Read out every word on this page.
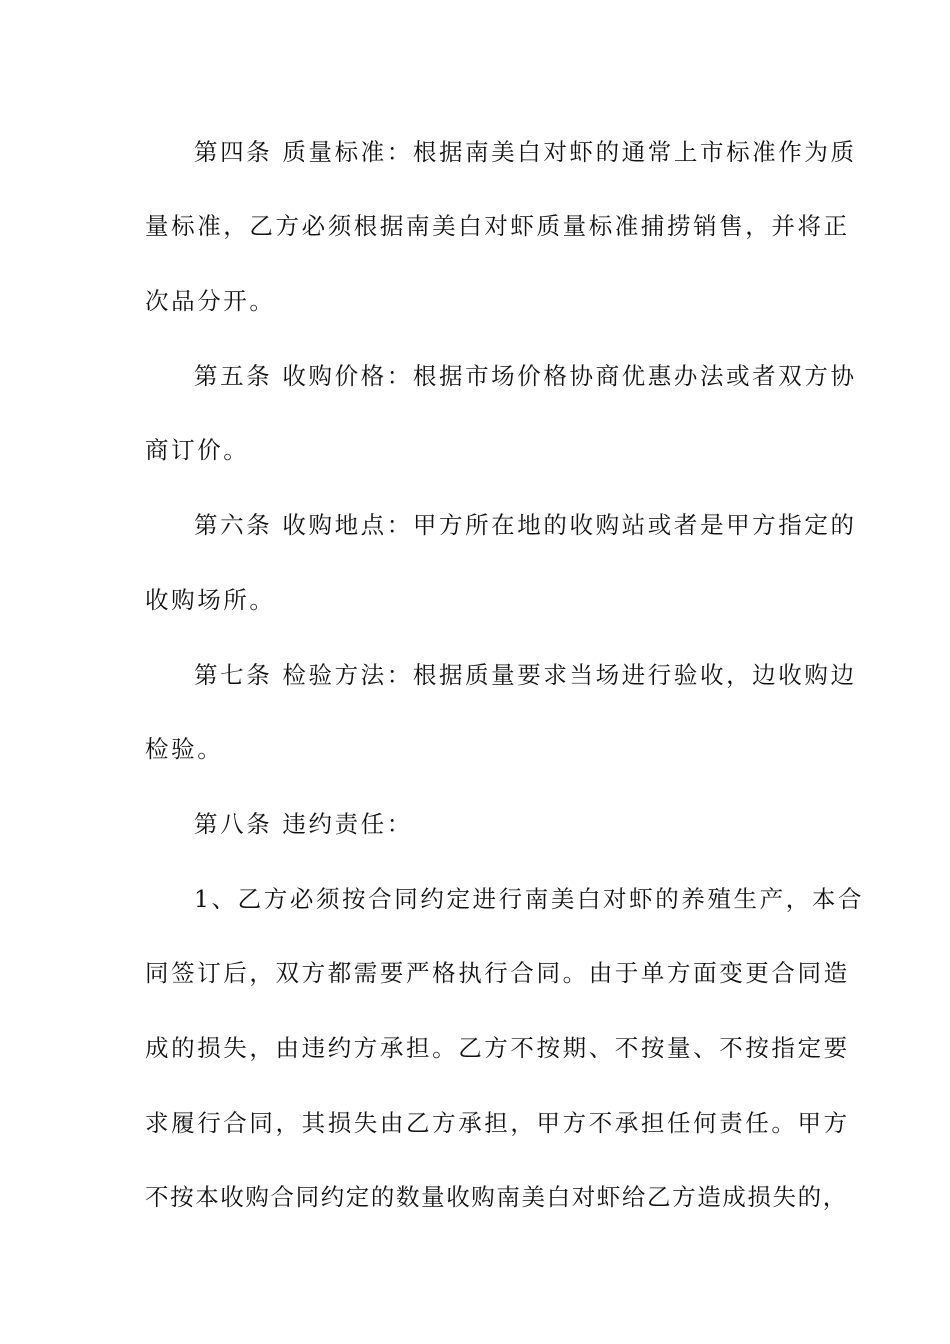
第四条 质量标准：根据南美白对虾的通常上市标准作为质
量标准，乙方必须根据南美白对虾质量标准捕捞销售，并将正
次品分开。
第五条 收购价格：根据市场价格协商优惠办法或者双方协
商订价。
第六条 收购地点：甲方所在地的收购站或者是甲方指定的
收购场所。
第七条 检验方法：根据质量要求当场进行验收，边收购边
检验。
第八条 违约责任：
1、乙方必须按合同约定进行南美白对虾的养殖生产，本合
同签订后，双方都需要严格执行合同。由于单方面变更合同造
成的损失，由违约方承担。乙方不按期、不按量、不按指定要
求履行合同，其损失由乙方承担，甲方不承担任何责任。甲方
不按本收购合同约定的数量收购南美白对虾给乙方造成损失的，
